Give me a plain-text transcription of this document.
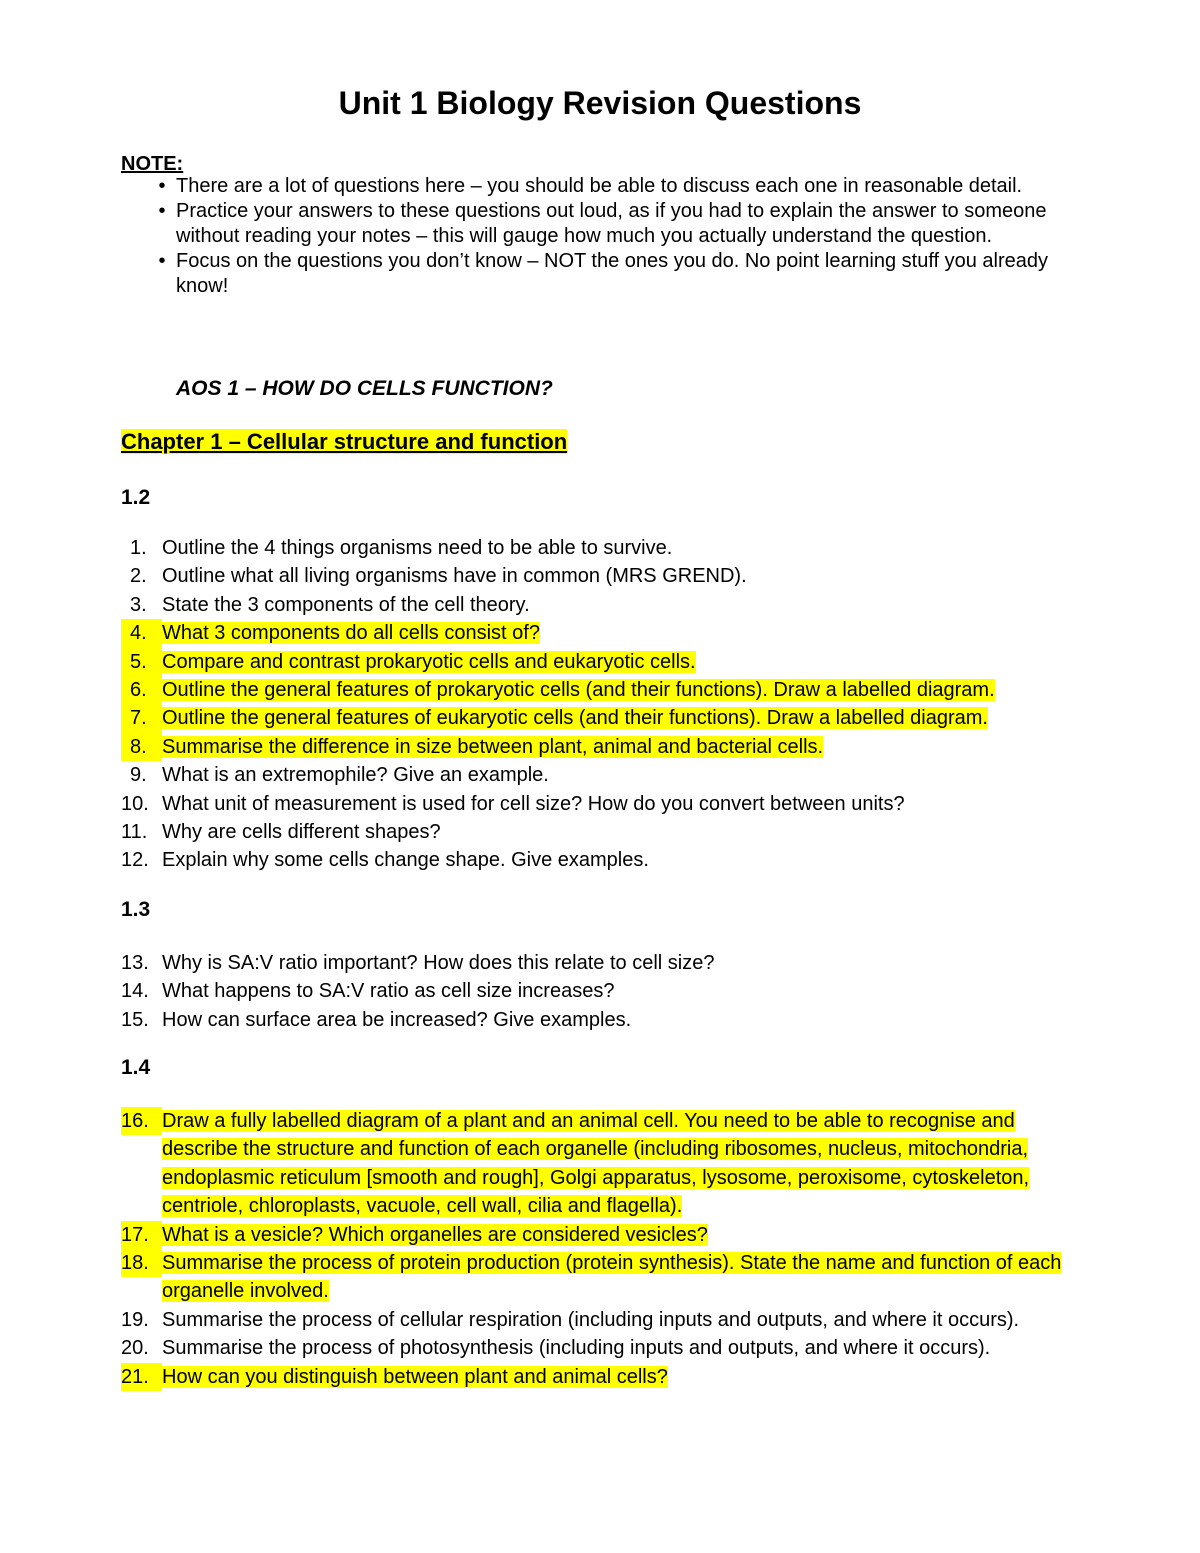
Unit 1 Biology Revision Questions
NOTE:
• There are a lot of questions here – you should be able to discuss each one in reasonable detail.
• Practice your answers to these questions out loud, as if you had to explain the answer to someone without reading your notes – this will gauge how much you actually understand the question.
• Focus on the questions you don’t know – NOT the ones you do. No point learning stuff you already know!
AOS 1 – HOW DO CELLS FUNCTION?
Chapter 1 – Cellular structure and function
1.2
1. Outline the 4 things organisms need to be able to survive.
2. Outline what all living organisms have in common (MRS GREND).
3. State the 3 components of the cell theory.
4. What 3 components do all cells consist of?
5. Compare and contrast prokaryotic cells and eukaryotic cells.
6. Outline the general features of prokaryotic cells (and their functions). Draw a labelled diagram.
7. Outline the general features of eukaryotic cells (and their functions). Draw a labelled diagram.
8. Summarise the difference in size between plant, animal and bacterial cells.
9. What is an extremophile? Give an example.
10. What unit of measurement is used for cell size? How do you convert between units?
11. Why are cells different shapes?
12. Explain why some cells change shape. Give examples.
1.3
13. Why is SA:V ratio important? How does this relate to cell size?
14. What happens to SA:V ratio as cell size increases?
15. How can surface area be increased? Give examples.
1.4
16. Draw a fully labelled diagram of a plant and an animal cell. You need to be able to recognise and describe the structure and function of each organelle (including ribosomes, nucleus, mitochondria, endoplasmic reticulum [smooth and rough], Golgi apparatus, lysosome, peroxisome, cytoskeleton, centriole, chloroplasts, vacuole, cell wall, cilia and flagella).
17. What is a vesicle? Which organelles are considered vesicles?
18. Summarise the process of protein production (protein synthesis). State the name and function of each organelle involved.
19. Summarise the process of cellular respiration (including inputs and outputs, and where it occurs).
20. Summarise the process of photosynthesis (including inputs and outputs, and where it occurs).
21. How can you distinguish between plant and animal cells?
